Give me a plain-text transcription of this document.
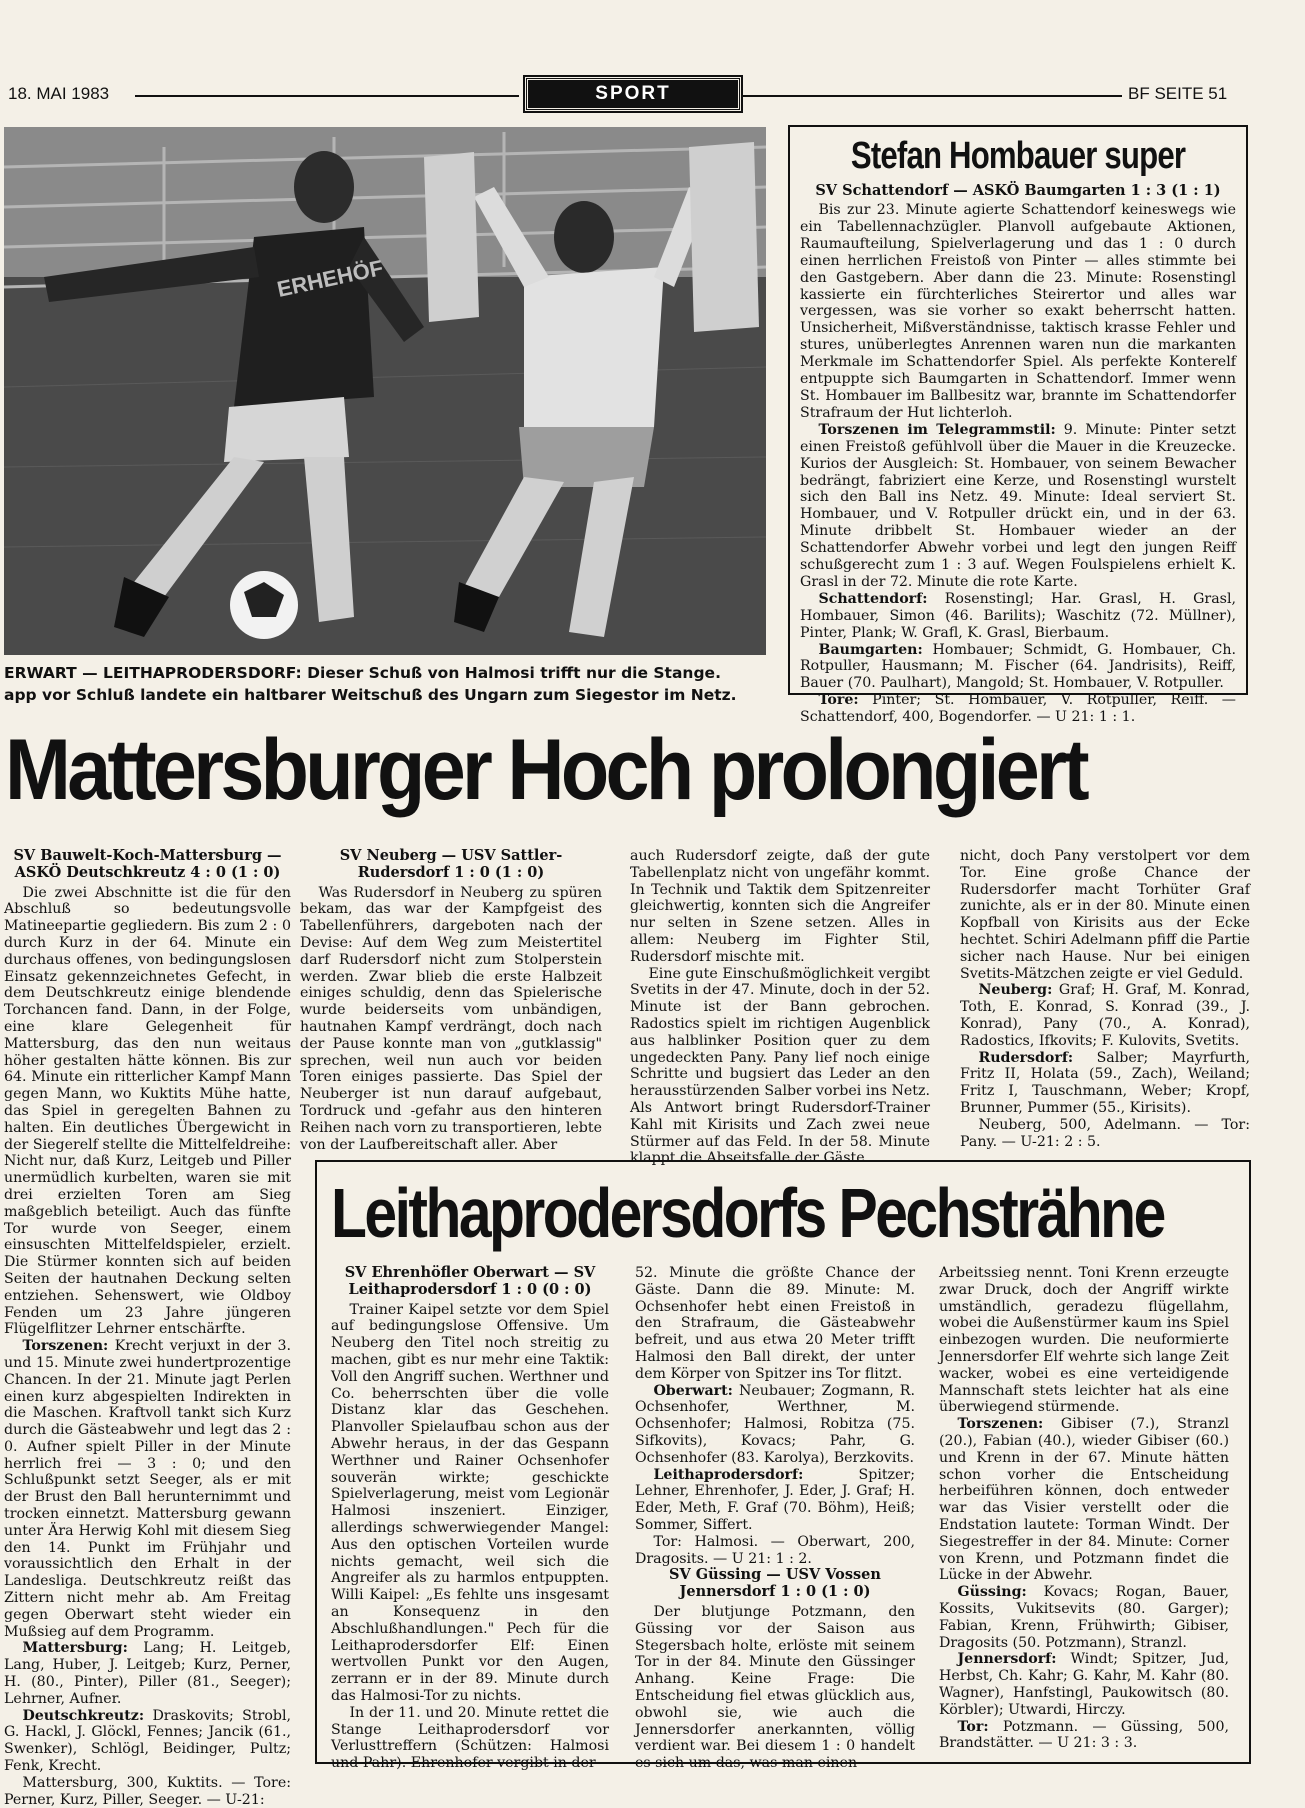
18. MAI 1983	SPORT	BF SEITE 51
ERHEHÖF
ERWART — LEITHAPRODERSDORF: Dieser Schuß von Halmosi trifft nur die Stange.
app vor Schluß landete ein haltbarer Weitschuß des Ungarn zum Siegestor im Netz.
Stefan Hombauer super
SV Schattendorf — ASKÖ Baumgarten 1 : 3 (1 : 1)

Bis zur 23. Minute agierte Schattendorf keineswegs wie ein Tabellennachzügler. Planvoll aufgebaute Aktionen, Raumaufteilung, Spielverlagerung und das 1 : 0 durch einen herrlichen Freistoß von Pinter — alles stimmte bei den Gastgebern. Aber dann die 23. Minute: Rosenstingl kassierte ein fürchterliches Steirertor und alles war vergessen, was sie vorher so exakt beherrscht hatten. Unsicherheit, Mißverständnisse, taktisch krasse Fehler und stures, unüberlegtes Anrennen waren nun die markanten Merkmale im Schattendorfer Spiel. Als perfekte Konterelf entpuppte sich Baumgarten in Schattendorf. Immer wenn St. Hombauer im Ballbesitz war, brannte im Schattendorfer Strafraum der Hut lichterloh.

Torszenen im Telegrammstil: 9. Minute: Pinter setzt einen Freistoß gefühlvoll über die Mauer in die Kreuzecke. Kurios der Ausgleich: St. Hombauer, von seinem Bewacher bedrängt, fabriziert eine Kerze, und Rosenstingl wurstelt sich den Ball ins Netz. 49. Minute: Ideal serviert St. Hombauer, und V. Rotpuller drückt ein, und in der 63. Minute dribbelt St. Hombauer wieder an der Schattendorfer Abwehr vorbei und legt den jungen Reiff schußgerecht zum 1 : 3 auf. Wegen Foulspielens erhielt K. Grasl in der 72. Minute die rote Karte.

Schattendorf: Rosenstingl; Har. Grasl, H. Grasl, Hombauer, Simon (46. Barilits); Waschitz (72. Müllner), Pinter, Plank; W. Grafl, K. Grasl, Bierbaum.

Baumgarten: Hombauer; Schmidt, G. Hombauer, Ch. Rotpuller, Hausmann; M. Fischer (64. Jandrisits), Reiff, Bauer (70. Paulhart), Mangold; St. Hombauer, V. Rotpuller.

Tore: Pinter; St. Hombauer, V. Rotpuller, Reiff. — Schattendorf, 400, Bogendorfer. — U 21: 1 : 1.

Mattersburger Hoch prolongiert
SV Bauwelt-Koch-Mattersburg — ASKÖ Deutschkreutz 4 : 0 (1 : 0)

Die zwei Abschnitte ist die für den Abschluß so bedeutungsvolle Matineepartie gegliedern. Bis zum 2 : 0 durch Kurz in der 64. Minute ein durchaus offenes, von bedingungslosen Einsatz gekennzeichnetes Gefecht, in dem Deutschkreutz einige blendende Torchancen fand. Dann, in der Folge, eine klare Gelegenheit für Mattersburg, das den nun weitaus höher gestalten hätte können. Bis zur 64. Minute ein ritterlicher Kampf Mann gegen Mann, wo Kuktits Mühe hatte, das Spiel in geregelten Bahnen zu halten. Ein deutliches Übergewicht in der Siegerelf stellte die Mittelfeldreihe: Nicht nur, daß Kurz, Leitgeb und Piller unermüdlich kurbelten, waren sie mit drei erzielten Toren am Sieg maßgeblich beteiligt. Auch das fünfte Tor wurde von Seeger, einem einsuschten Mittelfeldspieler, erzielt. Die Stürmer konnten sich auf beiden Seiten der hautnahen Deckung selten entziehen. Sehenswert, wie Oldboy Fenden um 23 Jahre jüngeren Flügelflitzer Lehrner entschärfte.

Torszenen: Krecht verjuxt in der 3. und 15. Minute zwei hundertprozentige Chancen. In der 21. Minute jagt Perlen einen kurz abgespielten Indirekten in die Maschen. Kraftvoll tankt sich Kurz durch die Gästeabwehr und legt das 2 : 0. Aufner spielt Piller in der Minute herrlich frei — 3 : 0; und den Schlußpunkt setzt Seeger, als er mit der Brust den Ball herunternimmt und trocken einnetzt. Mattersburg gewann unter Ära Herwig Kohl mit diesem Sieg den 14. Punkt im Frühjahr und voraussichtlich den Erhalt in der Landesliga. Deutschkreutz reißt das Zittern nicht mehr ab. Am Freitag gegen Oberwart steht wieder ein Mußsieg auf dem Programm.

Mattersburg: Lang; H. Leitgeb, Lang, Huber, J. Leitgeb; Kurz, Perner, H. (80., Pinter), Piller (81., Seeger); Lehrner, Aufner.

Deutschkreutz: Draskovits; Strobl, G. Hackl, J. Glöckl, Fennes; Jancik (61., Swenker), Schlögl, Beidinger, Pultz; Fenk, Krecht.

Mattersburg, 300, Kuktits. — Tore: Perner, Kurz, Piller, Seeger. — U-21:

SV Neuberg — USV Sattler-Rudersdorf 1 : 0 (1 : 0)

Was Rudersdorf in Neuberg zu spüren bekam, das war der Kampfgeist des Tabellenführers, dargeboten nach der Devise: Auf dem Weg zum Meistertitel darf Rudersdorf nicht zum Stolperstein werden. Zwar blieb die erste Halbzeit einiges schuldig, denn das Spielerische wurde beiderseits vom unbändigen, hautnahen Kampf verdrängt, doch nach der Pause konnte man von „gutklassig" sprechen, weil nun auch vor beiden Toren einiges passierte. Das Spiel der Neuberger ist nun darauf aufgebaut, Tordruck und -gefahr aus den hinteren Reihen nach vorn zu transportieren, lebte von der Laufbereitschaft aller. Aber

auch Rudersdorf zeigte, daß der gute Tabellenplatz nicht von ungefähr kommt. In Technik und Taktik dem Spitzenreiter gleichwertig, konnten sich die Angreifer nur selten in Szene setzen. Alles in allem: Neuberg im Fighter Stil, Rudersdorf mischte mit.

Eine gute Einschußmöglichkeit vergibt Svetits in der 47. Minute, doch in der 52. Minute ist der Bann gebrochen. Radostics spielt im richtigen Augenblick aus halblinker Position quer zu dem ungedeckten Pany. Pany lief noch einige Schritte und bugsiert das Leder an den herausstürzenden Salber vorbei ins Netz. Als Antwort bringt Rudersdorf-Trainer Kahl mit Kirisits und Zach zwei neue Stürmer auf das Feld. In der 58. Minute klappt die Abseitsfalle der Gäste

nicht, doch Pany verstolpert vor dem Tor. Eine große Chance der Rudersdorfer macht Torhüter Graf zunichte, als er in der 80. Minute einen Kopfball von Kirisits aus der Ecke hechtet. Schiri Adelmann pfiff die Partie sicher nach Hause. Nur bei einigen Svetits-Mätzchen zeigte er viel Geduld.

Neuberg: Graf; H. Graf, M. Konrad, Toth, E. Konrad, S. Konrad (39., J. Konrad), Pany (70., A. Konrad), Radostics, Ifkovits; F. Kulovits, Svetits.

Rudersdorf: Salber; Mayrfurth, Fritz II, Holata (59., Zach), Weiland; Fritz I, Tauschmann, Weber; Kropf, Brunner, Pummer (55., Kirisits).

Neuberg, 500, Adelmann. — Tor: Pany. — U-21: 2 : 5.

Leithaprodersdorfs Pechsträhne
SV Ehrenhöfler Oberwart — SV Leithaprodersdorf 1 : 0 (0 : 0)

Trainer Kaipel setzte vor dem Spiel auf bedingungslose Offensive. Um Neuberg den Titel noch streitig zu machen, gibt es nur mehr eine Taktik: Voll den Angriff suchen. Werthner und Co. beherrschten über die volle Distanz klar das Geschehen. Planvoller Spielaufbau schon aus der Abwehr heraus, in der das Gespann Werthner und Rainer Ochsenhofer souverän wirkte; geschickte Spielverlagerung, meist vom Legionär Halmosi inszeniert. Einziger, allerdings schwerwiegender Mangel: Aus den optischen Vorteilen wurde nichts gemacht, weil sich die Angreifer als zu harmlos entpuppten. Willi Kaipel: „Es fehlte uns insgesamt an Konsequenz in den Abschlußhandlungen." Pech für die Leithaprodersdorfer Elf: Einen wertvollen Punkt vor den Augen, zerrann er in der 89. Minute durch das Halmosi-Tor zu nichts.

In der 11. und 20. Minute rettet die Stange Leithaprodersdorf vor Verlusttreffern (Schützen: Halmosi und Pahr). Ehrenhofer vergibt in der

52. Minute die größte Chance der Gäste. Dann die 89. Minute: M. Ochsenhofer hebt einen Freistoß in den Strafraum, die Gästeabwehr befreit, und aus etwa 20 Meter trifft Halmosi den Ball direkt, der unter dem Körper von Spitzer ins Tor flitzt.

Oberwart: Neubauer; Zogmann, R. Ochsenhofer, Werthner, M. Ochsenhofer; Halmosi, Robitza (75. Sifkovits), Kovacs; Pahr, G. Ochsenhofer (83. Karolya), Berzkovits.

Leithaprodersdorf:	Spitzer; Lehner, Ehrenhofer, J. Eder, J. Graf; H. Eder, Meth, F. Graf (70. Böhm), Heiß; Sommer, Siffert.

Tor: Halmosi. — Oberwart, 200, Dragosits. — U 21: 1 : 2.

SV Güssing — USV Vossen Jennersdorf 1 : 0 (1 : 0)

Der blutjunge Potzmann, den Güssing vor der Saison aus Stegersbach holte, erlöste mit seinem Tor in der 84. Minute den Güssinger Anhang. Keine Frage: Die Entscheidung fiel etwas glücklich aus, obwohl sie, wie auch die Jennersdorfer anerkannten, völlig verdient war. Bei diesem 1 : 0 handelt es sich um das, was man einen

Arbeitssieg nennt. Toni Krenn erzeugte zwar Druck, doch der Angriff wirkte umständlich, geradezu flügellahm, wobei die Außenstürmer kaum ins Spiel einbezogen wurden. Die neuformierte Jennersdorfer Elf wehrte sich lange Zeit wacker, wobei es eine verteidigende Mannschaft stets leichter hat als eine überwiegend stürmende.

Torszenen: Gibiser (7.), Stranzl (20.), Fabian (40.), wieder Gibiser (60.) und Krenn in der 67. Minute hätten schon vorher die Entscheidung herbeiführen können, doch entweder war das Visier verstellt oder die Endstation lautete: Torman Windt. Der Siegestreffer in der 84. Minute: Corner von Krenn, und Potzmann findet die Lücke in der Abwehr.

Güssing: Kovacs; Rogan, Bauer, Kossits, Vukitsevits (80. Garger); Fabian, Krenn, Frühwirth; Gibiser, Dragosits (50. Potzmann), Stranzl.

Jennersdorf: Windt; Spitzer, Jud, Herbst, Ch. Kahr; G. Kahr, M. Kahr (80. Wagner), Hanfstingl, Paukowitsch (80. Körbler); Utwardi, Hirczy.

Tor: Potzmann. — Güssing, 500, Brandstätter. — U 21: 3 : 3.
